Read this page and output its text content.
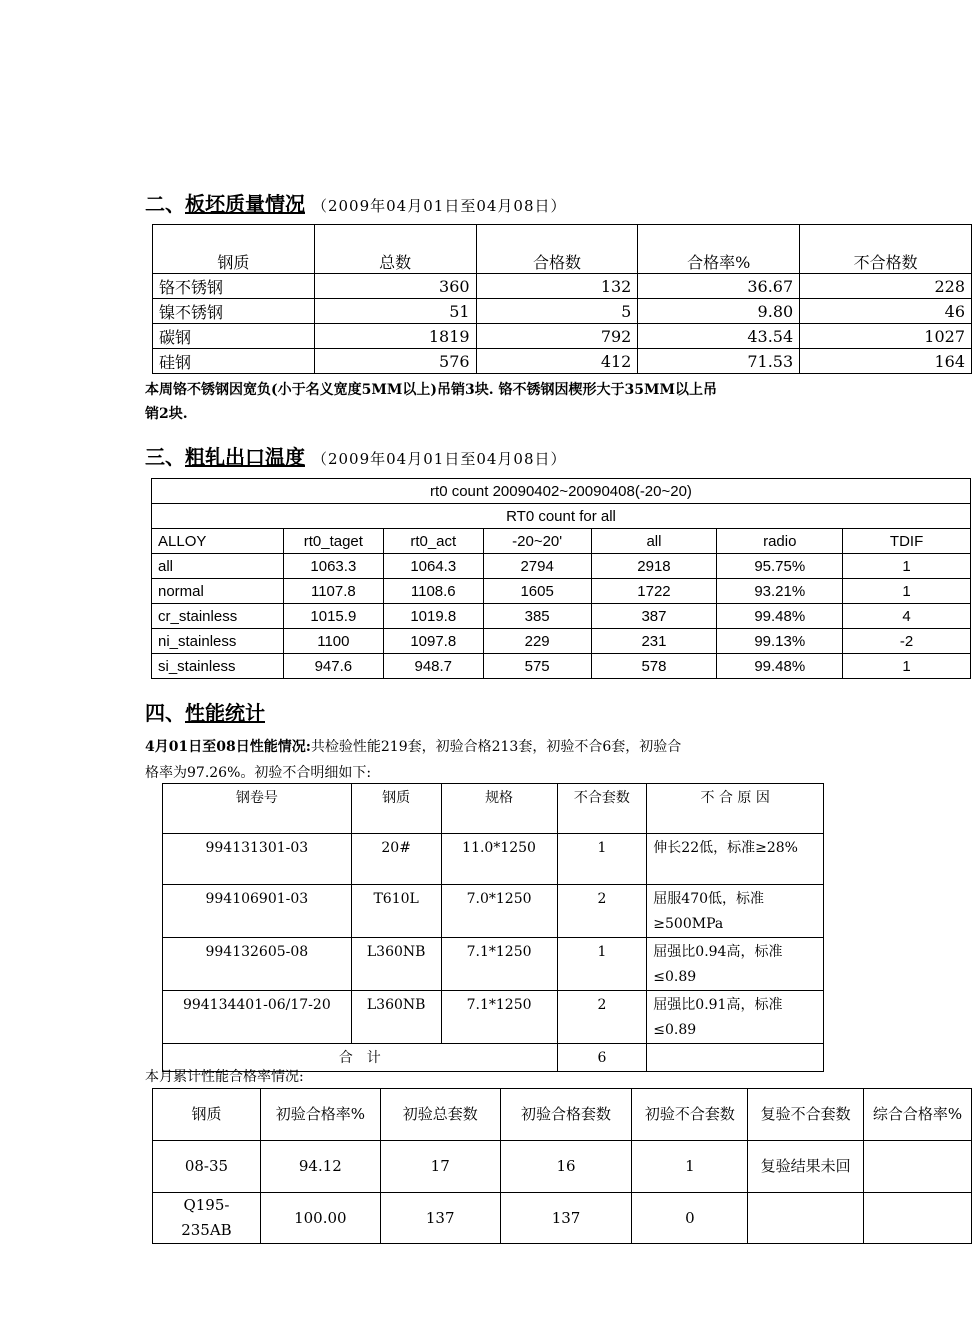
二、板坯质量情况 （2009年04月01日至04月08日）
钢质	总数	合格数	合格率%	不合格数
铬不锈钢	360	132	36.67	228
镍不锈钢	51	5	9.80	46
碳钢	1819	792	43.54	1027
硅钢	576	412	71.53	164
本周铬不锈钢因宽负(小于名义宽度5MM以上)吊销3块. 铬不锈钢因楔形大于35MM以上吊
销2块.
三、粗轧出口温度 （2009年04月01日至04月08日）
rt0 count 20090402~20090408(-20~20)						
RT0 count for all						
ALLOY	rt0_taget	rt0_act	-20~20'	all	radio	TDIF
all	1063.3	1064.3	2794	2918	95.75%	1
normal	1107.8	1108.6	1605	1722	93.21%	1
cr_stainless	1015.9	1019.8	385	387	99.48%	4
ni_stainless	1100	1097.8	229	231	99.13%	-2
si_stainless	947.6	948.7	575	578	99.48%	1
四、性能统计
4月01日至08日性能情况:共检验性能219套，初验合格213套，初验不合6套，初验合
格率为97.26%。初验不合明细如下:
钢卷号	钢质	规格	不合套数	不 合 原 因
994131301-03	20#	11.0*1250	1	伸长22低，标准≥28%
994106901-03	T610L	7.0*1250	2	屈服470低，标准≥500MPa
994132605-08	L360NB	7.1*1250	1	屈强比0.94高，标准≤0.89
994134401-06/17-20	L360NB	7.1*1250	2	屈强比0.91高，标准≤0.89
合　计			6	
本月累计性能合格率情况:
钢质	初验合格率%	初验总套数	初验合格套数	初验不合套数	复验不合套数	综合合格率%
08-35	94.12	17	16	1	复验结果未回	
Q195-235AB	100.00	137	137	0		
